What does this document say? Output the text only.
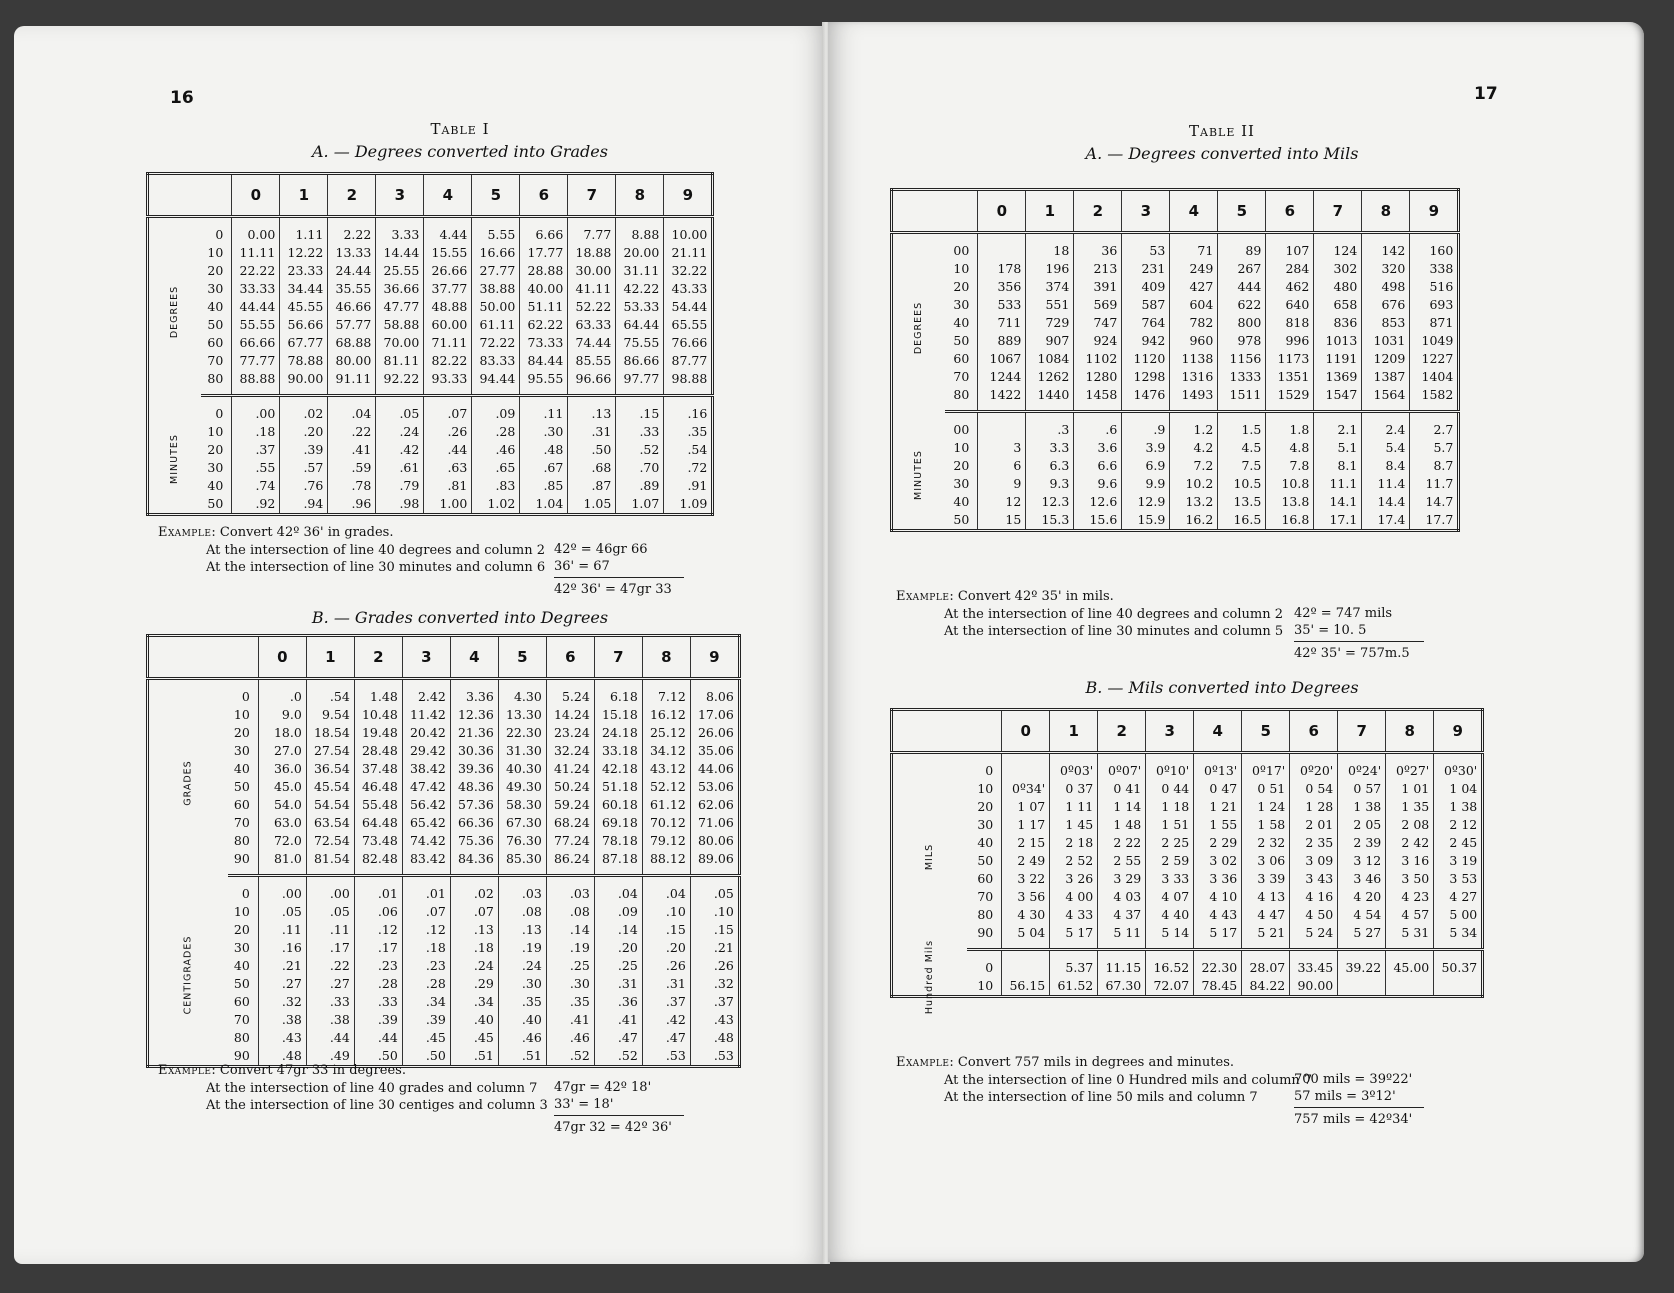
16
Table I
A. — Degrees converted into Grades
		0	1	2	3	4	5	6	7	8	9
DEGREES	0	0.00	1.11	2.22	3.33	4.44	5.55	6.66	7.77	8.88	10.00
	10	11.11	12.22	13.33	14.44	15.55	16.66	17.77	18.88	20.00	21.11
	20	22.22	23.33	24.44	25.55	26.66	27.77	28.88	30.00	31.11	32.22
	30	33.33	34.44	35.55	36.66	37.77	38.88	40.00	41.11	42.22	43.33
	40	44.44	45.55	46.66	47.77	48.88	50.00	51.11	52.22	53.33	54.44
	50	55.55	56.66	57.77	58.88	60.00	61.11	62.22	63.33	64.44	65.55
	60	66.66	67.77	68.88	70.00	71.11	72.22	73.33	74.44	75.55	76.66
	70	77.77	78.88	80.00	81.11	82.22	83.33	84.44	85.55	86.66	87.77
	80	88.88	90.00	91.11	92.22	93.33	94.44	95.55	96.66	97.77	98.88
MINUTES	0	.00	.02	.04	.05	.07	.09	.11	.13	.15	.16
	10	.18	.20	.22	.24	.26	.28	.30	.31	.33	.35
	20	.37	.39	.41	.42	.44	.46	.48	.50	.52	.54
	30	.55	.57	.59	.61	.63	.65	.67	.68	.70	.72
	40	.74	.76	.78	.79	.81	.83	.85	.87	.89	.91
	50	.92	.94	.96	.98	1.00	1.02	1.04	1.05	1.07	1.09
Example: Convert 42º 36' in grades.
At the intersection of line 40 degrees and column 2
At the intersection of line 30 minutes and column 6
42º = 46gr 66
36' = 67
42º 36' = 47gr 33
B. — Grades converted into Degrees
		0	1	2	3	4	5	6	7	8	9
GRADES	0	.0	.54	1.48	2.42	3.36	4.30	5.24	6.18	7.12	8.06
	10	9.0	9.54	10.48	11.42	12.36	13.30	14.24	15.18	16.12	17.06
	20	18.0	18.54	19.48	20.42	21.36	22.30	23.24	24.18	25.12	26.06
	30	27.0	27.54	28.48	29.42	30.36	31.30	32.24	33.18	34.12	35.06
	40	36.0	36.54	37.48	38.42	39.36	40.30	41.24	42.18	43.12	44.06
	50	45.0	45.54	46.48	47.42	48.36	49.30	50.24	51.18	52.12	53.06
	60	54.0	54.54	55.48	56.42	57.36	58.30	59.24	60.18	61.12	62.06
	70	63.0	63.54	64.48	65.42	66.36	67.30	68.24	69.18	70.12	71.06
	80	72.0	72.54	73.48	74.42	75.36	76.30	77.24	78.18	79.12	80.06
	90	81.0	81.54	82.48	83.42	84.36	85.30	86.24	87.18	88.12	89.06
CENTIGRADES	0	.00	.00	.01	.01	.02	.03	.03	.04	.04	.05
	10	.05	.05	.06	.07	.07	.08	.08	.09	.10	.10
	20	.11	.11	.12	.12	.13	.13	.14	.14	.15	.15
	30	.16	.17	.17	.18	.18	.19	.19	.20	.20	.21
	40	.21	.22	.23	.23	.24	.24	.25	.25	.26	.26
	50	.27	.27	.28	.28	.29	.30	.30	.31	.31	.32
	60	.32	.33	.33	.34	.34	.35	.35	.36	.37	.37
	70	.38	.38	.39	.39	.40	.40	.41	.41	.42	.43
	80	.43	.44	.44	.45	.45	.46	.46	.47	.47	.48
	90	.48	.49	.50	.50	.51	.51	.52	.52	.53	.53
Example: Convert 47gr 33 in degrees.
At the intersection of line 40 grades and column 7
At the intersection of line 30 centiges and column 3
47gr = 42º 18'
33' = 18'
47gr 32 = 42º 36'
17
Table II
A. — Degrees converted into Mils
		0	1	2	3	4	5	6	7	8	9
DEGREES	00		18	36	53	71	89	107	124	142	160
	10	178	196	213	231	249	267	284	302	320	338
	20	356	374	391	409	427	444	462	480	498	516
	30	533	551	569	587	604	622	640	658	676	693
	40	711	729	747	764	782	800	818	836	853	871
	50	889	907	924	942	960	978	996	1013	1031	1049
	60	1067	1084	1102	1120	1138	1156	1173	1191	1209	1227
	70	1244	1262	1280	1298	1316	1333	1351	1369	1387	1404
	80	1422	1440	1458	1476	1493	1511	1529	1547	1564	1582
MINUTES	00		.3	.6	.9	1.2	1.5	1.8	2.1	2.4	2.7
	10	3	3.3	3.6	3.9	4.2	4.5	4.8	5.1	5.4	5.7
	20	6	6.3	6.6	6.9	7.2	7.5	7.8	8.1	8.4	8.7
	30	9	9.3	9.6	9.9	10.2	10.5	10.8	11.1	11.4	11.7
	40	12	12.3	12.6	12.9	13.2	13.5	13.8	14.1	14.4	14.7
	50	15	15.3	15.6	15.9	16.2	16.5	16.8	17.1	17.4	17.7
Example: Convert 42º 35' in mils.
At the intersection of line 40 degrees and column 2
At the intersection of line 30 minutes and column 5
42º = 747 mils
35' = 10. 5
42º 35' = 757m.5
B. — Mils converted into Degrees
		0	1	2	3	4	5	6	7	8	9
MILS	0		0º03'	0º07'	0º10'	0º13'	0º17'	0º20'	0º24'	0º27'	0º30'
	10	0º34'	0 37	0 41	0 44	0 47	0 51	0 54	0 57	1 01	1 04
	20	1 07	1 11	1 14	1 18	1 21	1 24	1 28	1 38	1 35	1 38
	30	1 17	1 45	1 48	1 51	1 55	1 58	2 01	2 05	2 08	2 12
	40	2 15	2 18	2 22	2 25	2 29	2 32	2 35	2 39	2 42	2 45
	50	2 49	2 52	2 55	2 59	3 02	3 06	3 09	3 12	3 16	3 19
	60	3 22	3 26	3 29	3 33	3 36	3 39	3 43	3 46	3 50	3 53
	70	3 56	4 00	4 03	4 07	4 10	4 13	4 16	4 20	4 23	4 27
	80	4 30	4 33	4 37	4 40	4 43	4 47	4 50	4 54	4 57	5 00
	90	5 04	5 17	5 11	5 14	5 17	5 21	5 24	5 27	5 31	5 34
Hundred Mils	0		5.37	11.15	16.52	22.30	28.07	33.45	39.22	45.00	50.37
	10	56.15	61.52	67.30	72.07	78.45	84.22	90.00			
Example: Convert 757 mils in degrees and minutes.
At the intersection of line 0 Hundred mils and column 7
At the intersection of line 50 mils and column 7
700 mils = 39º22'
57 mils = 3º12'
757 mils = 42º34'
